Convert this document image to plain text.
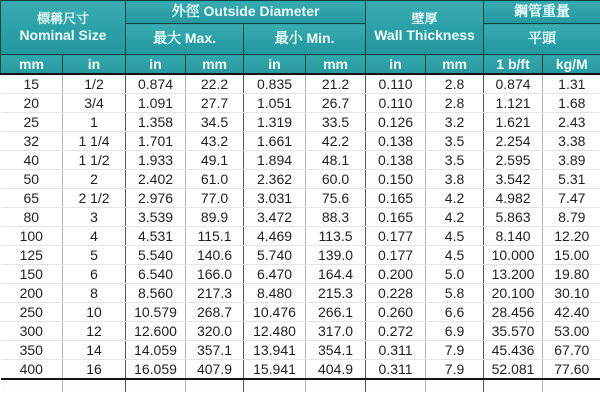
標稱尺寸
Nominal Size
	外徑 Outside Diameter	壁厚
Wall Thickness
	鋼管重量
		最大 Max.		最小 Min.				平頭	
mm	in	in	mm	in	mm	in	mm	1 b/ft	kg/M
15	1/2	0.874	22.2	0.835	21.2	0.110	2.8	0.874	1.31
20	3/4	1.091	27.7	1.051	26.7	0.110	2.8	1.121	1.68
25	1	1.358	34.5	1.319	33.5	0.126	3.2	1.621	2.43
32	1 1/4	1.701	43.2	1.661	42.2	0.138	3.5	2.254	3.38
40	1 1/2	1.933	49.1	1.894	48.1	0.138	3.5	2.595	3.89
50	2	2.402	61.0	2.362	60.0	0.150	3.8	3.542	5.31
65	2 1/2	2.976	77.0	3.031	75.6	0.165	4.2	4.982	7.47
80	3	3.539	89.9	3.472	88.3	0.165	4.2	5.863	8.79
100	4	4.531	115.1	4.469	113.5	0.177	4.5	8.140	12.20
125	5	5.540	140.6	5.740	139.0	0.177	4.5	10.000	15.00
150	6	6.540	166.0	6.470	164.4	0.200	5.0	13.200	19.80
200	8	8.560	217.3	8.480	215.3	0.228	5.8	20.100	30.10
250	10	10.579	268.7	10.476	266.1	0.260	6.6	28.456	42.40
300	12	12.600	320.0	12.480	317.0	0.272	6.9	35.570	53.00
350	14	14.059	357.1	13.941	354.1	0.311	7.9	45.436	67.70
400	16	16.059	407.9	15.941	404.9	0.311	7.9	52.081	77.60
